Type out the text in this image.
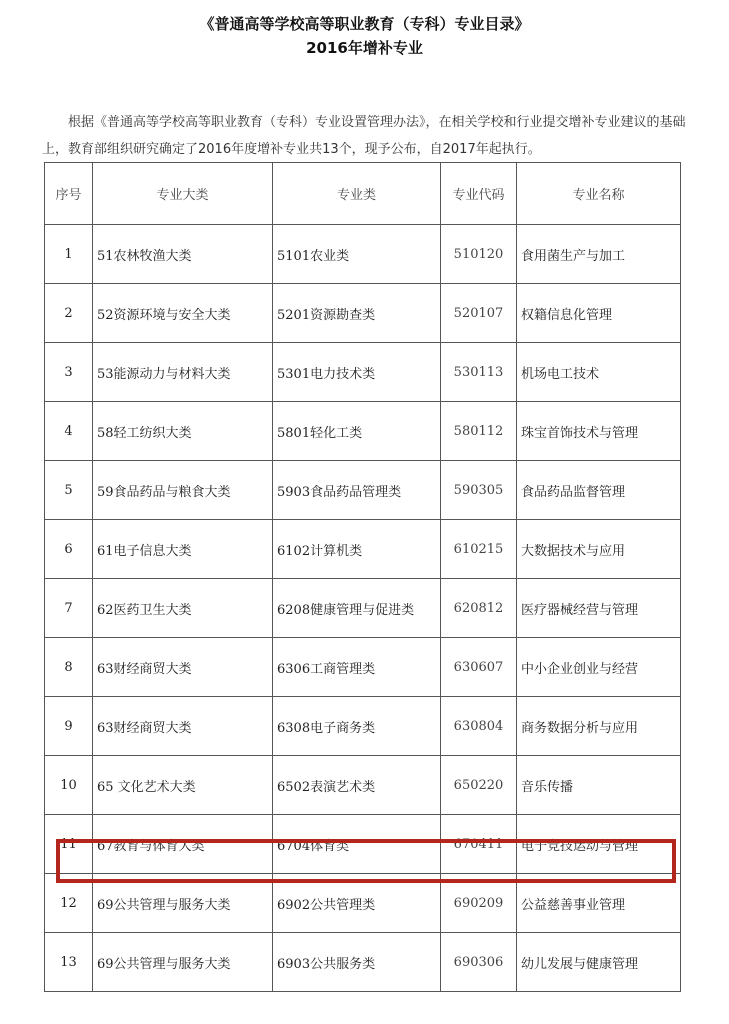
《普通高等学校高等职业教育（专科）专业目录》
2016年增补专业

根据《普通高等学校高等职业教育（专科）专业设置管理办法》，在相关学校和行业提交增补专业建议的基础上，教育部组织研究确定了2016年度增补专业共13个，现予公布，自2017年起执行。

序号	专业大类	专业类	专业代码	专业名称
1	51农林牧渔大类	5101农业类	510120	食用菌生产与加工
2	52资源环境与安全大类	5201资源勘查类	520107	权籍信息化管理
3	53能源动力与材料大类	5301电力技术类	530113	机场电工技术
4	58轻工纺织大类	5801轻化工类	580112	珠宝首饰技术与管理
5	59食品药品与粮食大类	5903食品药品管理类	590305	食品药品监督管理
6	61电子信息大类	6102计算机类	610215	大数据技术与应用
7	62医药卫生大类	6208健康管理与促进类	620812	医疗器械经营与管理
8	63财经商贸大类	6306工商管理类	630607	中小企业创业与经营
9	63财经商贸大类	6308电子商务类	630804	商务数据分析与应用
10	65 文化艺术大类	6502表演艺术类	650220	音乐传播
11	67教育与体育大类	6704体育类	670411	电子竞技运动与管理
12	69公共管理与服务大类	6902公共管理类	690209	公益慈善事业管理
13	69公共管理与服务大类	6903公共服务类	690306	幼儿发展与健康管理
